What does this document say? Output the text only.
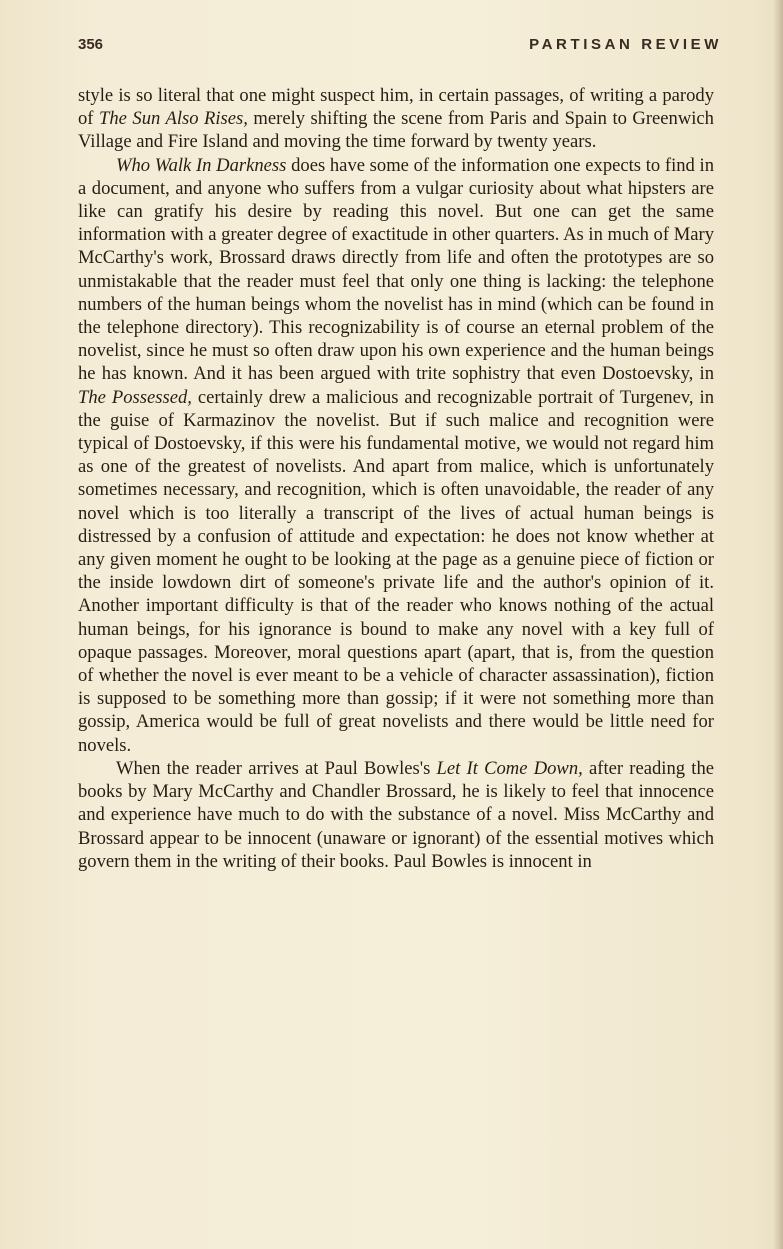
356	PARTISAN REVIEW

style is so literal that one might suspect him, in certain passages, of writing a parody of The Sun Also Rises, merely shifting the scene from Paris and Spain to Greenwich Village and Fire Island and moving the time forward by twenty years.

Who Walk In Darkness does have some of the information one expects to find in a document, and anyone who suffers from a vulgar curiosity about what hipsters are like can gratify his desire by reading this novel. But one can get the same information with a greater degree of exactitude in other quarters. As in much of Mary McCarthy's work, Brossard draws directly from life and often the prototypes are so unmistakable that the reader must feel that only one thing is lacking: the telephone numbers of the human beings whom the novelist has in mind (which can be found in the telephone directory). This recognizability is of course an eternal problem of the novelist, since he must so often draw upon his own experience and the human beings he has known. And it has been argued with trite sophistry that even Dostoevsky, in The Possessed, certainly drew a malicious and recognizable portrait of Turgenev, in the guise of Karmazinov the novelist. But if such malice and recognition were typical of Dostoevsky, if this were his fundamental motive, we would not regard him as one of the greatest of novelists. And apart from malice, which is unfortunately sometimes necessary, and recognition, which is often unavoidable, the reader of any novel which is too literally a transcript of the lives of actual human beings is distressed by a confusion of attitude and expectation: he does not know whether at any given moment he ought to be looking at the page as a genuine piece of fiction or the inside lowdown dirt of someone's private life and the author's opinion of it. Another important difficulty is that of the reader who knows nothing of the actual human beings, for his ignorance is bound to make any novel with a key full of opaque passages. Moreover, moral questions apart (apart, that is, from the question of whether the novel is ever meant to be a vehicle of character assassination), fiction is supposed to be something more than gossip; if it were not something more than gossip, America would be full of great novelists and there would be little need for novels.

When the reader arrives at Paul Bowles's Let It Come Down, after reading the books by Mary McCarthy and Chandler Brossard, he is likely to feel that innocence and experience have much to do with the substance of a novel. Miss McCarthy and Brossard appear to be innocent (unaware or ignorant) of the essential motives which govern them in the writing of their books. Paul Bowles is innocent in
